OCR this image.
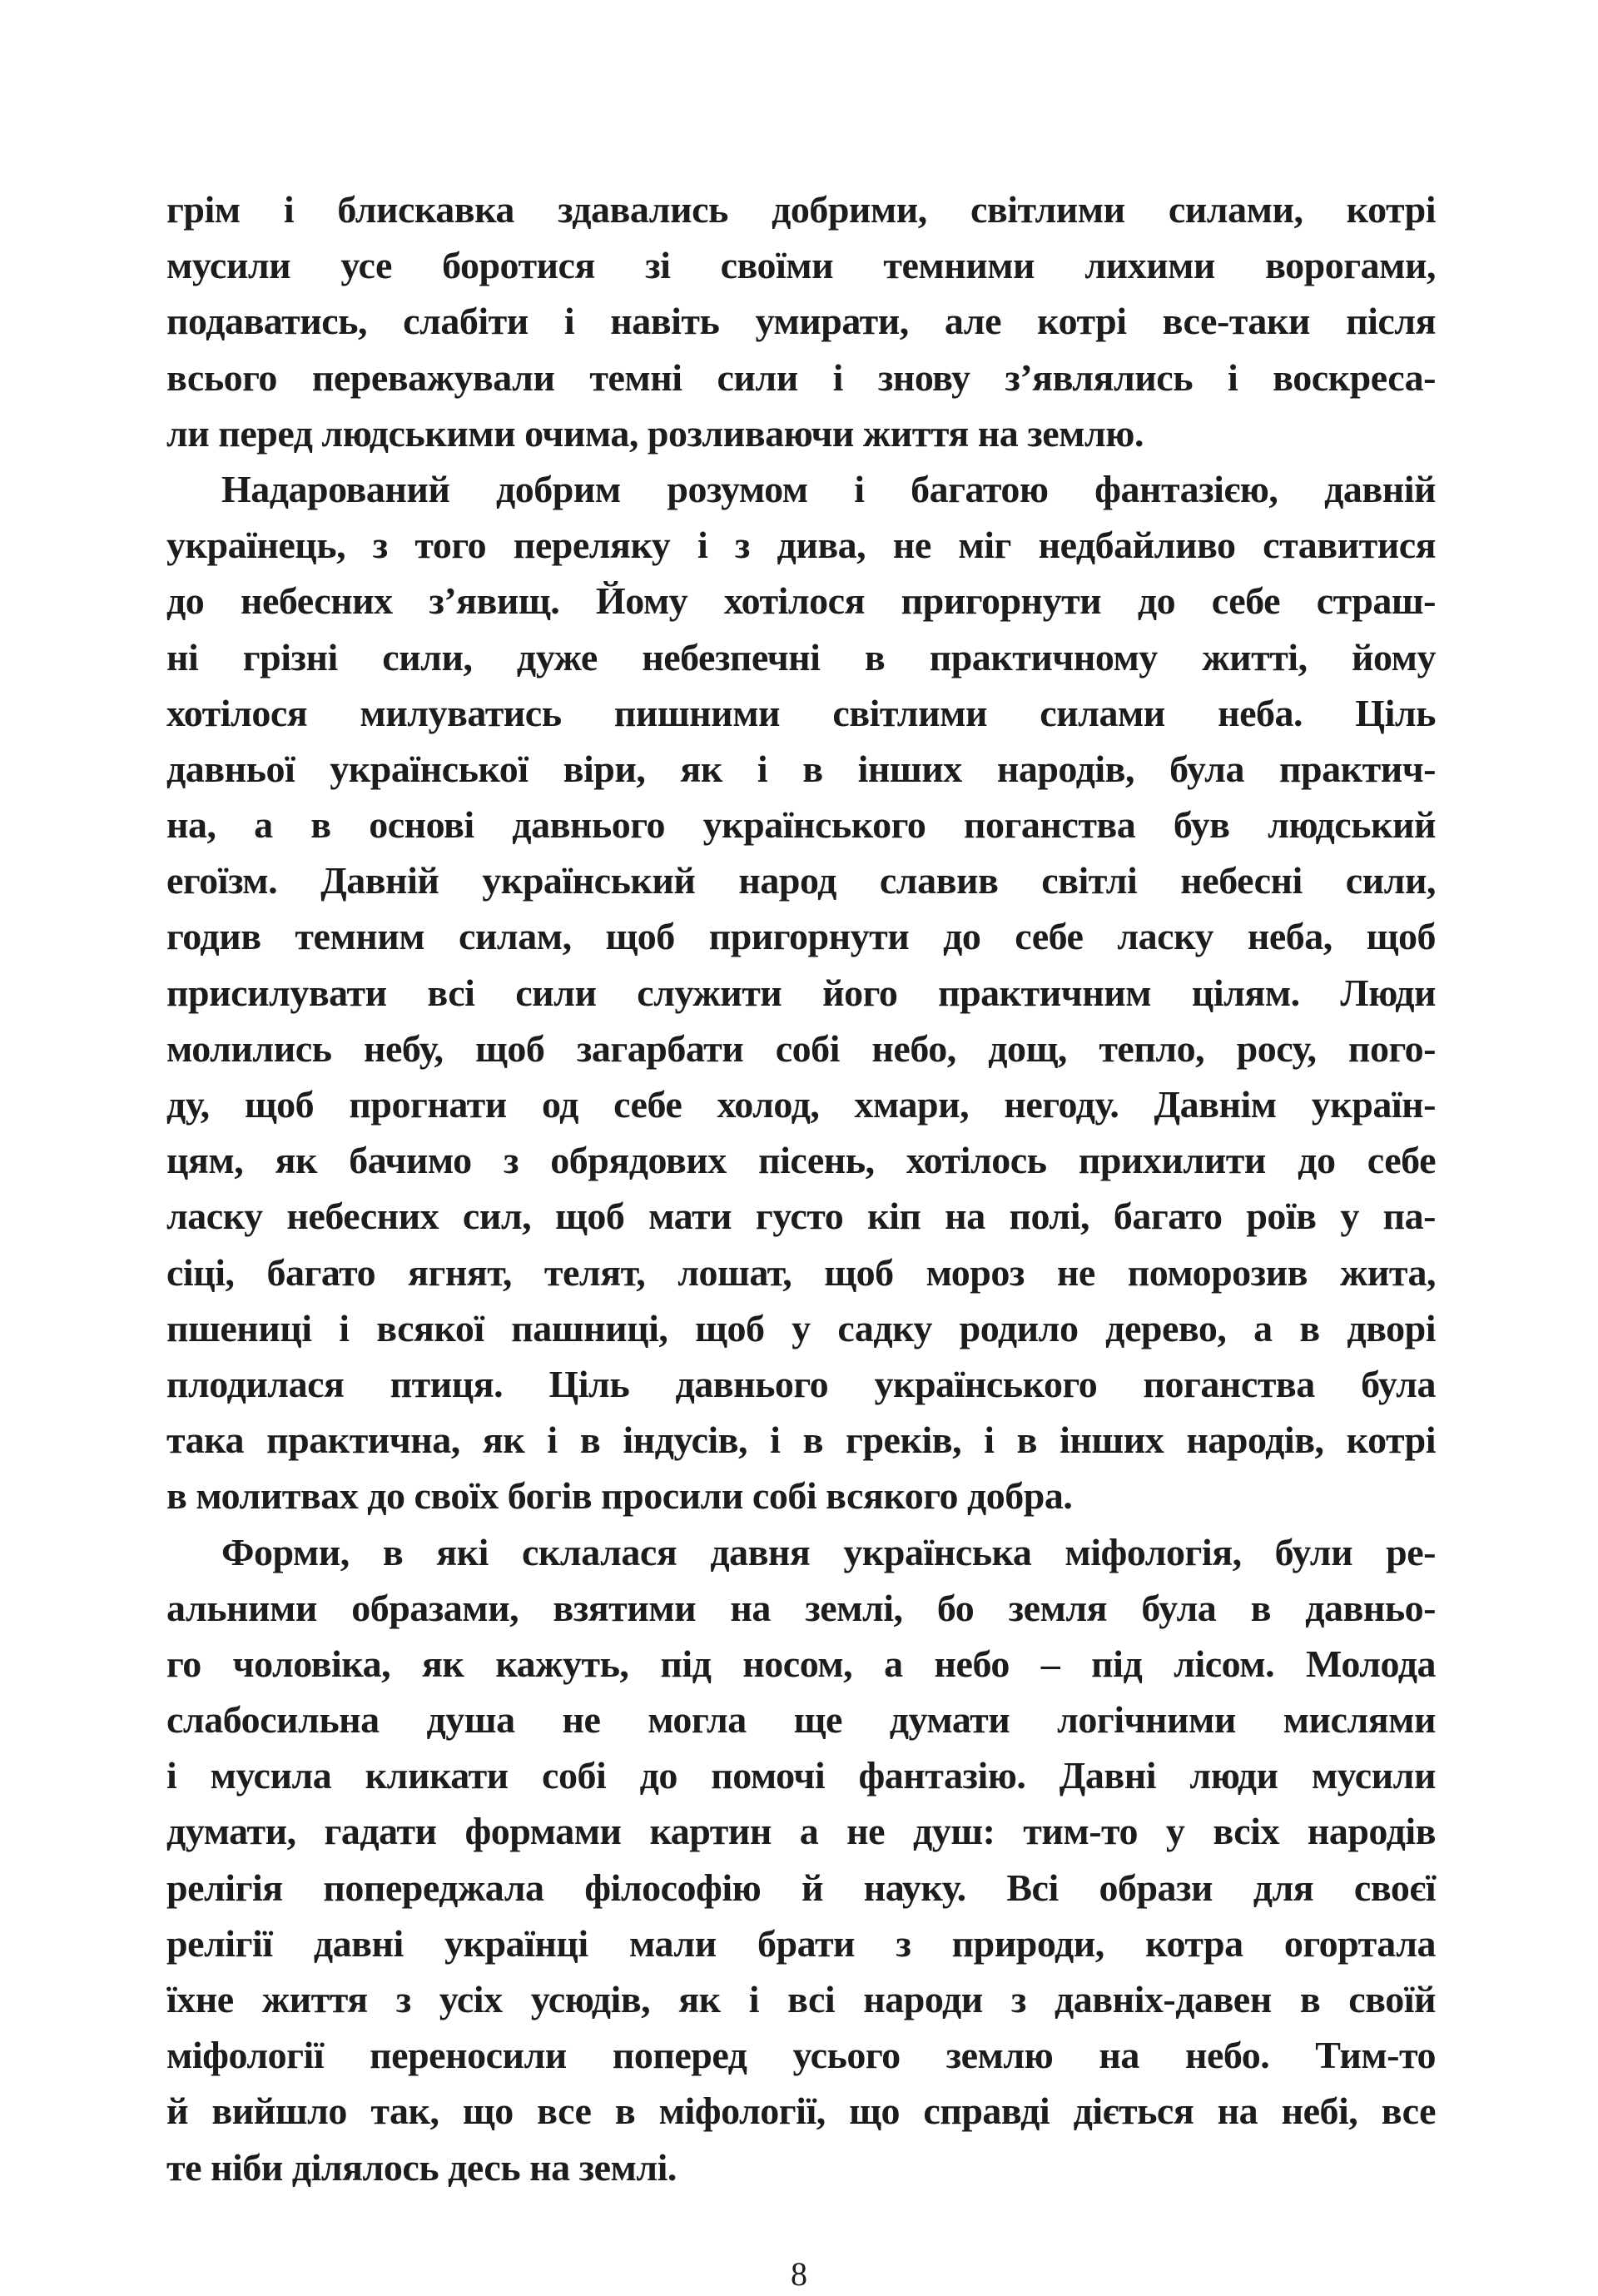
грім і блискавка здавались добрими, світлими силами, котрі
мусили усе боротися зі своїми темними лихими ворогами,
подаватись, слабіти і навіть умирати, але котрі все-таки після
всього переважували темні сили і знову з’являлись і воскреса-
ли перед людськими очима, розливаючи життя на землю.
Надарований добрим розумом і багатою фантазією, давній
українець, з того переляку і з дива, не міг недбайливо ставитися
до небесних з’явищ. Йому хотілося пригорнути до себе страш-
ні грізні сили, дуже небезпечні в практичному житті, йому
хотілося милуватись пишними світлими силами неба. Ціль
давньої української віри, як і в інших народів, була практич-
на, а в основі давнього українського поганства був людський
егоїзм. Давній український народ славив світлі небесні сили,
годив темним силам, щоб пригорнути до себе ласку неба, щоб
присилувати всі сили служити його практичним цілям. Люди
молились небу, щоб загарбати собі небо, дощ, тепло, росу, пого-
ду, щоб прогнати од себе холод, хмари, негоду. Давнім україн-
цям, як бачимо з обрядових пісень, хотілось прихилити до себе
ласку небесних сил, щоб мати густо кіп на полі, багато роїв у па-
сіці, багато ягнят, телят, лошат, щоб мороз не поморозив жита,
пшениці і всякої пашниці, щоб у садку родило дерево, а в дворі
плодилася птиця. Ціль давнього українського поганства була
така практична, як і в індусів, і в греків, і в інших народів, котрі
в молитвах до своїх богів просили собі всякого добра.
Форми, в які склалася давня українська міфологія, були ре-
альними образами, взятими на землі, бо земля була в давньо-
го чоловіка, як кажуть, під носом, а небо – під лісом. Молода
слабосильна душа не могла ще думати логічними мислями
і мусила кликати собі до помочі фантазію. Давні люди мусили
думати, гадати формами картин а не душ: тим-то у всіх народів
релігія попереджала філософію й науку. Всі образи для своєї
релігії давні українці мали брати з природи, котра огортала
їхне життя з усіх усюдів, як і всі народи з давніх-давен в своїй
міфології переносили поперед усього землю на небо. Тим-то
й вийшло так, що все в міфології, що справді діється на небі, все
те ніби ділялось десь на землі.
8
